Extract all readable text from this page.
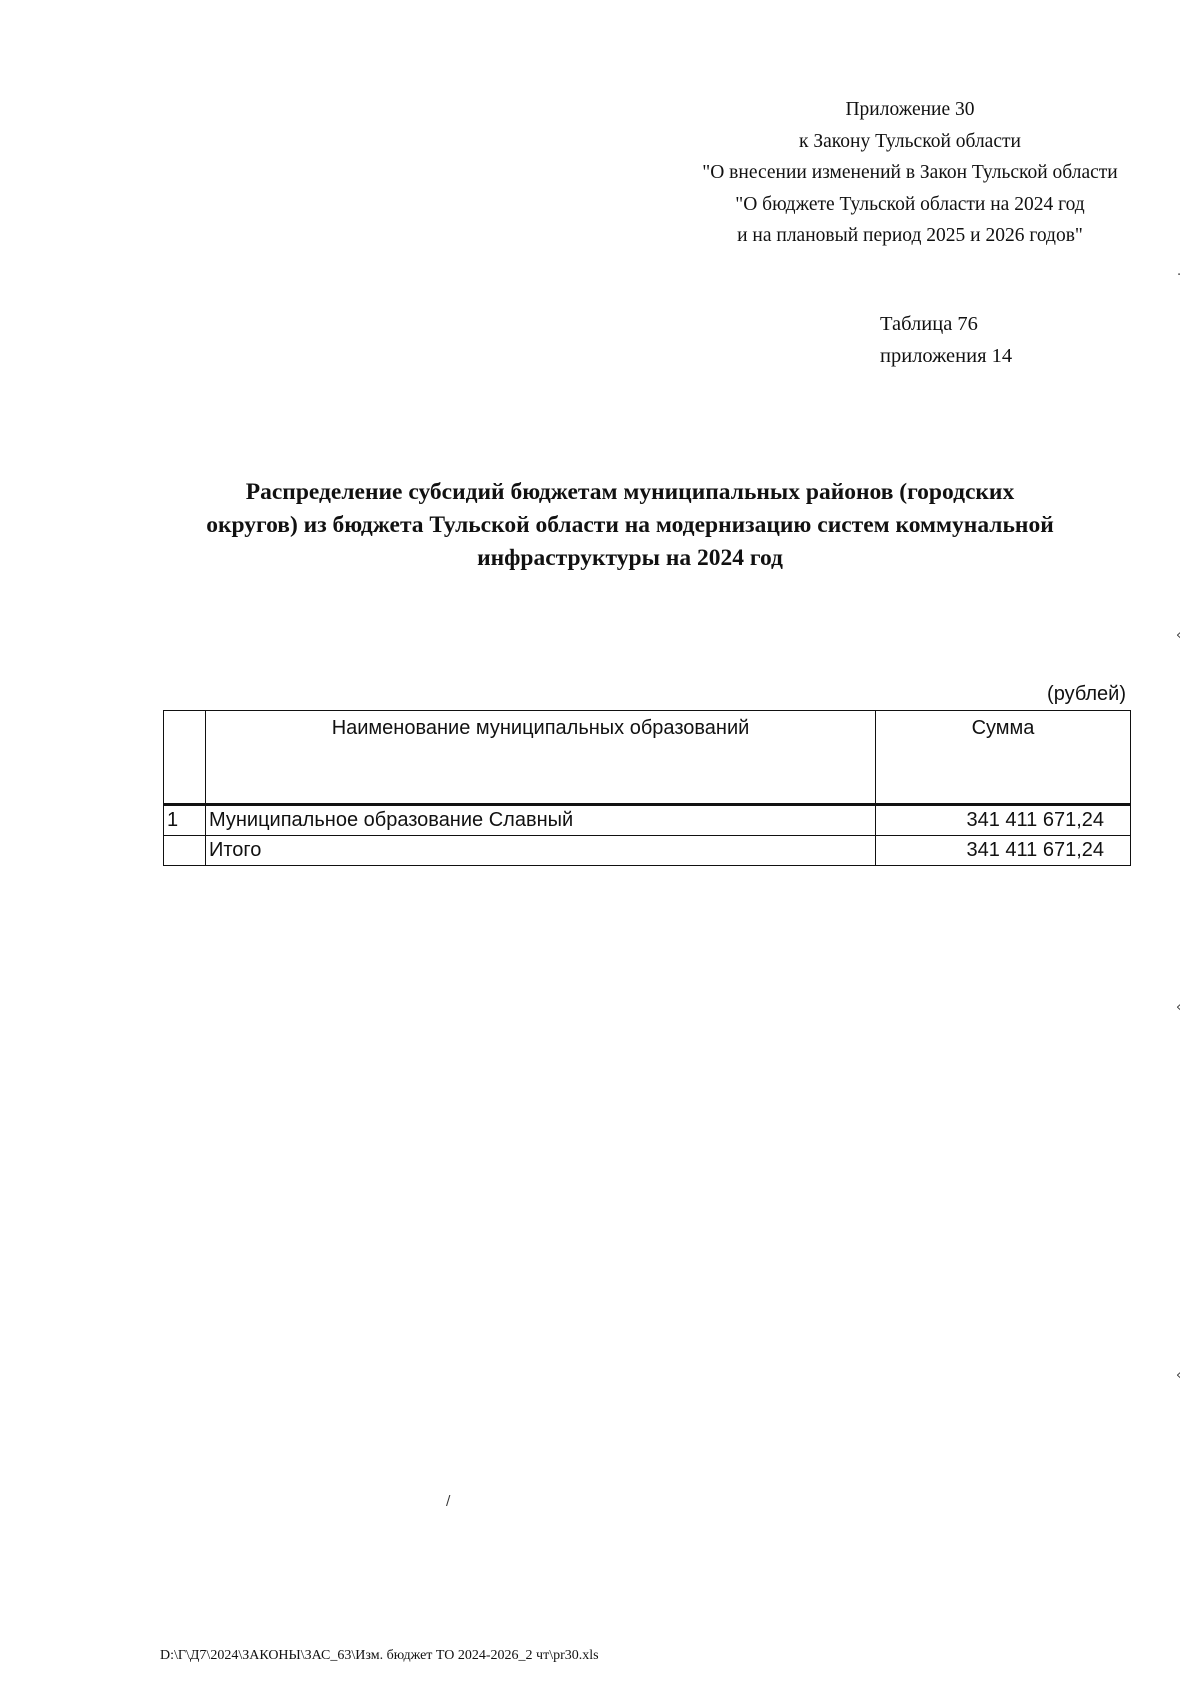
Приложение 30
к Закону Тульской области
"О внесении изменений в Закон Тульской области
"О бюджете Тульской области на 2024 год
и на плановый период 2025 и 2026 годов"
Таблица 76
приложения 14
Распределение субсидий бюджетам муниципальных районов (городских
округов) из бюджета Тульской области на модернизацию систем коммунальной
инфраструктуры на 2024 год
(рублей)
	Наименование муниципальных образований	Сумма
1	Муниципальное образование Славный	341 411 671,24
	Итого	341 411 671,24
D:\Г\Д7\2024\ЗАКОНЫ\ЗАС_63\Изм. бюджет ТО 2024-2026_2 чт\pr30.xls
·
‹
‹
‹
/
